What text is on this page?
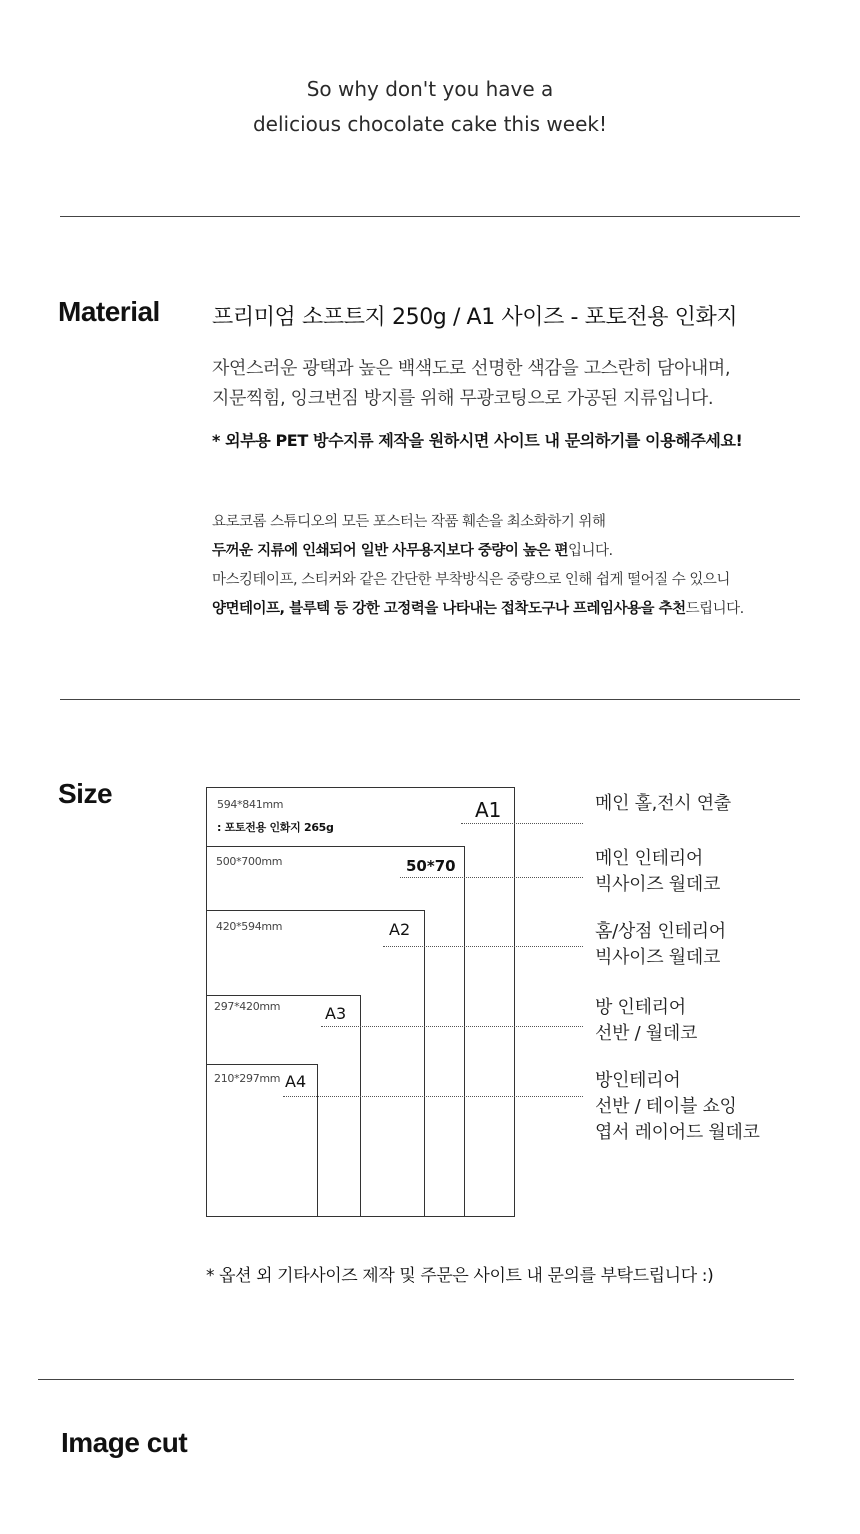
So why don't you have a
delicious chocolate cake this week!
Material 프리미엄 소프트지 250g / A1 사이즈 - 포토전용 인화지
자연스러운 광택과 높은 백색도로 선명한 색감을 고스란히 담아내며,
지문찍힘, 잉크번짐 방지를 위해 무광코팅으로 가공된 지류입니다.
* 외부용 PET 방수지류 제작을 원하시면 사이트 내 문의하기를 이용해주세요!
요로코롬 스튜디오의 모든 포스터는 작품 훼손을 최소화하기 위해
두꺼운 지류에 인쇄되어 일반 사무용지보다 중량이 높은 편입니다.
마스킹테이프, 스티커와 같은 간단한 부착방식은 중량으로 인해 쉽게 떨어질 수 있으니
양면테이프, 블루텍 등 강한 고정력을 나타내는 접착도구나 프레임사용을 추천드립니다.
Size	594*841mm
: 포토전용 인화지 265g
500*700mm
420*594mm
297*420mm
210*297mm
A1
50*70
A2
A3
A4
메인 홀,전시 연출
메인 인테리어
빅사이즈 월데코
홈/상점 인테리어
빅사이즈 월데코
방 인테리어
선반 / 월데코
방인테리어
선반 / 테이블 쇼잉
엽서 레이어드 월데코
* 옵션 외 기타사이즈 제작 및 주문은 사이트 내 문의를 부탁드립니다 :)
Image cut
